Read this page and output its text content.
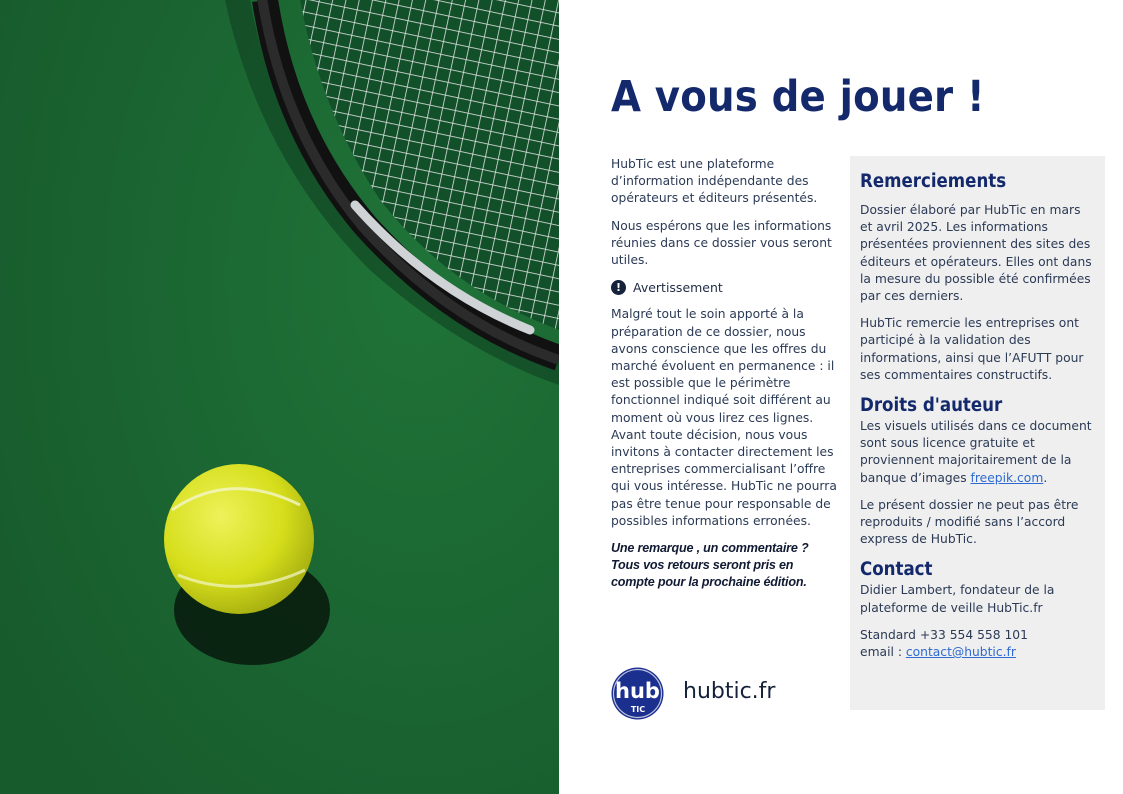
A vous de jouer !

HubTic est une plateforme d’information indépendante des opérateurs et éditeurs présentés.

Nous espérons que les informations réunies dans ce dossier vous seront utiles.

! Avertissement

Malgré tout le soin apporté à la préparation de ce dossier, nous avons conscience que les offres du marché évoluent en permanence : il est possible que le périmètre fonctionnel indiqué soit différent au moment où vous lirez ces lignes. Avant toute décision, nous vous invitons à contacter directement les entreprises commercialisant l’offre qui vous intéresse. HubTic ne pourra pas être tenue pour responsable de possibles informations erronées.

Une remarque , un commentaire ? Tous vos retours seront pris en compte pour la prochaine édition.
Remerciements

Dossier élaboré par HubTic en mars et avril 2025. Les informations présentées proviennent des sites des éditeurs et opérateurs. Elles ont dans la mesure du possible été confirmées par ces derniers.

HubTic remercie les entreprises ont participé à la validation des informations, ainsi que l’AFUTT pour ses commentaires constructifs.

Droits d'auteur

Les visuels utilisés dans ce document sont sous licence gratuite et proviennent majoritairement de la banque d’images freepik.com.

Le présent dossier ne peut pas être reproduits / modifié sans l’accord express de HubTic.

Contact

Didier Lambert, fondateur de la plateforme de veille HubTic.fr

Standard +33 554 558 101
email : contact@hubtic.fr
hub
TIC
hubtic.fr
